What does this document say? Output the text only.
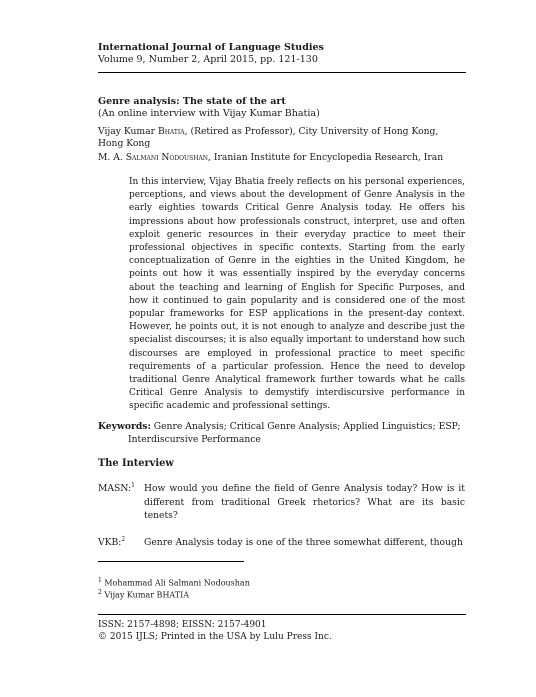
International Journal of Language Studies
Volume 9, Number 2, April 2015, pp. 121-130
Genre analysis: The state of the art
(An online interview with Vijay Kumar Bhatia)
Vijay Kumar Bhatia, (Retired as Professor), City University of Hong Kong,
Hong Kong
M. A. Salmani Nodoushan, Iranian Institute for Encyclopedia Research, Iran

In this interview, Vijay Bhatia freely reflects on his personal experiences, perceptions, and views about the development of Genre Analysis in the early eighties towards Critical Genre Analysis today. He offers his impressions about how professionals construct, interpret, use and often exploit generic resources in their everyday practice to meet their professional objectives in specific contexts. Starting from the early conceptualization of Genre in the eighties in the United Kingdom, he points out how it was essentially inspired by the everyday concerns about the teaching and learning of English for Specific Purposes, and how it continued to gain popularity and is considered one of the most popular frameworks for ESP applications in the present-day context. However, he points out, it is not enough to analyze and describe just the specialist discourses; it is also equally important to understand how such discourses are employed in professional practice to meet specific requirements of a particular profession. Hence the need to develop traditional Genre Analytical framework further towards what he calls Critical Genre Analysis to demystify interdiscursive performance in specific academic and professional settings.

Keywords: Genre Analysis; Critical Genre Analysis; Applied Linguistics; ESP;
Interdiscursive Performance
The Interview
MASN:$^1$ How would you define the field of Genre Analysis today? How is it different from traditional Greek rhetorics? What are its basic tenets?

VKB:$^2$ Genre Analysis today is one of the three somewhat different, though

$^1$ Mohammad Ali Salmani Nodoushan
$^2$ Vijay Kumar BHATIA
ISSN: 2157-4898; EISSN: 2157-4901
© 2015 IJLS; Printed in the USA by Lulu Press Inc.
